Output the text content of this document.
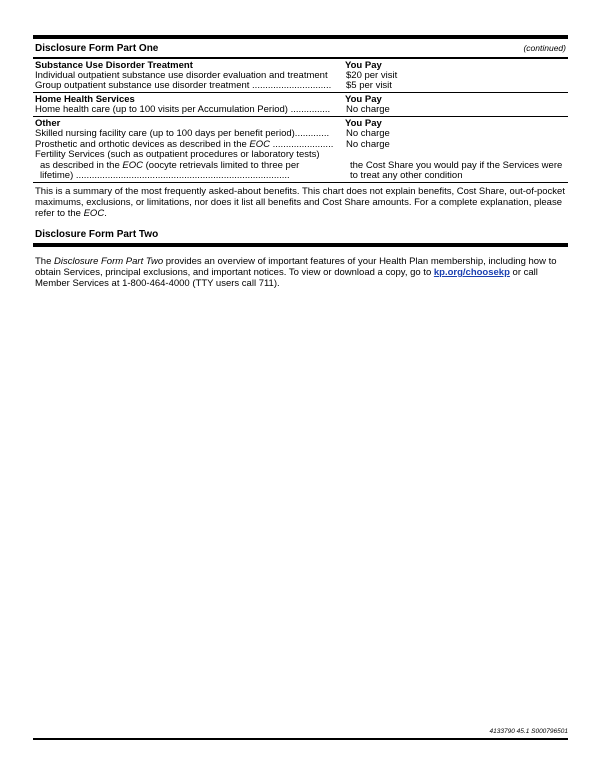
Disclosure Form Part One	(continued)
Substance Use Disorder Treatment	You Pay
Individual outpatient substance use disorder evaluation and treatment	$20 per visit
Group outpatient substance use disorder treatment ..............................	$5 per visit
Home Health Services	You Pay
Home health care (up to 100 visits per Accumulation Period) ...............	No charge
Other	You Pay
Skilled nursing facility care (up to 100 days per benefit period).............	No charge
Prosthetic and orthotic devices as described in the EOC .......................	No charge
Fertility Services (such as outpatient procedures or laboratory tests)
as described in the EOC (oocyte retrievals limited to three per	the Cost Share you would pay if the Services were
lifetime) .................................................................................	to treat any other condition
This is a summary of the most frequently asked-about benefits. This chart does not explain benefits, Cost Share, out-of-pocket maximums, exclusions, or limitations, nor does it list all benefits and Cost Share amounts. For a complete explanation, please refer to the EOC.
Disclosure Form Part Two
The Disclosure Form Part Two provides an overview of important features of your Health Plan membership, including how to obtain Services, principal exclusions, and important notices. To view or download a copy, go to kp.org/choosekp or call Member Services at 1-800-464-4000 (TTY users call 711).
4133790 45.1 S000796501
